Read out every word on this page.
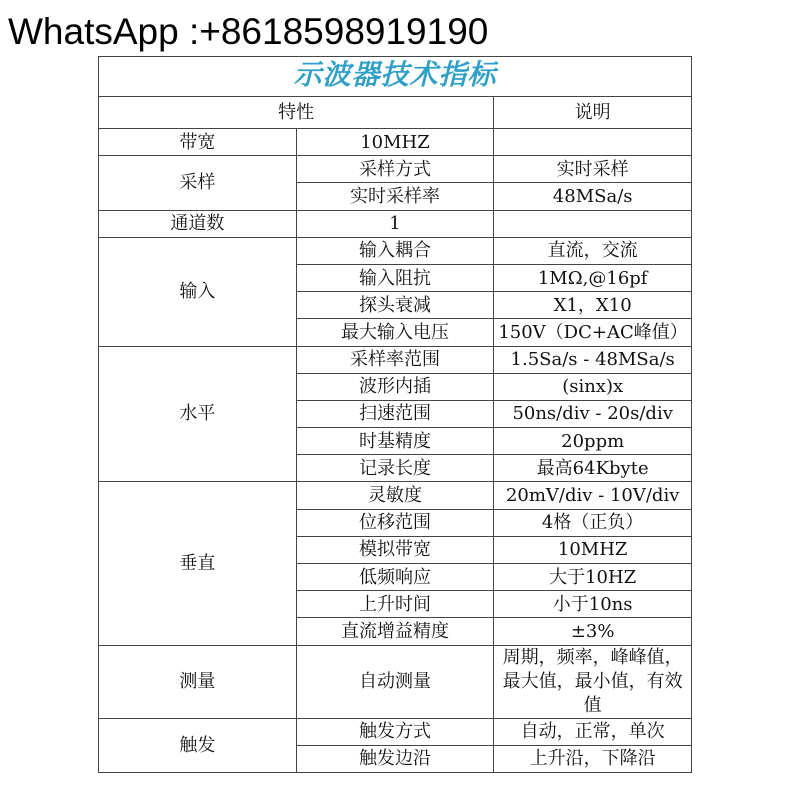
WhatsApp :+8618598919190
示波器技术指标		
特性		说明
带宽	10MHZ	
采样	采样方式	实时采样
	实时采样率	48MSa/s
通道数	1	
输入	输入耦合	直流，交流
	输入阻抗	1MΩ,@16pf
	探头衰减	X1，X10
	最大输入电压	150V（DC+AC峰值）
水平	采样率范围	1.5Sa/s - 48MSa/s
	波形内插	(sinx)x
	扫速范围	50ns/div - 20s/div
	时基精度	20ppm
	记录长度	最高64Kbyte
垂直	灵敏度	20mV/div - 10V/div
	位移范围	4格（正负）
	模拟带宽	10MHZ
	低频响应	大于10HZ
	上升时间	小于10ns
	直流增益精度	±3%
测量	自动测量	周期，频率，峰峰值，最大值，最小值，有效值
触发	触发方式	自动，正常，单次
	触发边沿	上升沿，下降沿
